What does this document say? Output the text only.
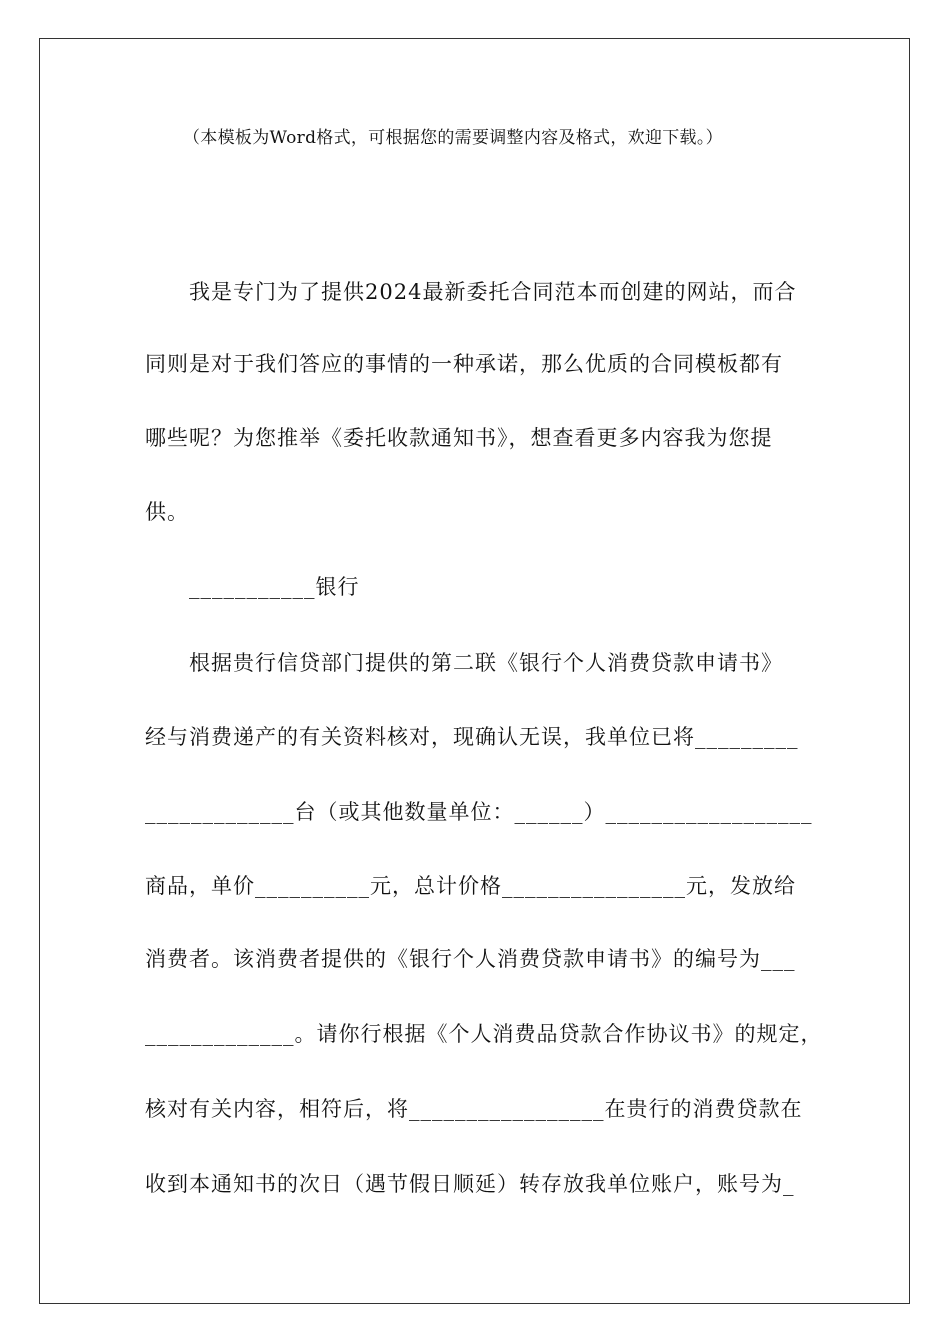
（本模板为Word格式，可根据您的需要调整内容及格式，欢迎下载。）
我是专门为了提供2024最新委托合同范本而创建的网站，而合
同则是对于我们答应的事情的一种承诺，那么优质的合同模板都有
哪些呢？为您推举《委托收款通知书》，想查看更多内容我为您提
供。
___________银行
根据贵行信贷部门提供的第二联《银行个人消费贷款申请书》
经与消费递产的有关资料核对，现确认无误，我单位已将_________
_____________台（或其他数量单位：______）__________________
商品，单价__________元，总计价格________________元，发放给
消费者。该消费者提供的《银行个人消费贷款申请书》的编号为___
_____________。请你行根据《个人消费品贷款合作协议书》的规定，
核对有关内容，相符后，将_________________在贵行的消费贷款在
收到本通知书的次日（遇节假日顺延）转存放我单位账户，账号为_
